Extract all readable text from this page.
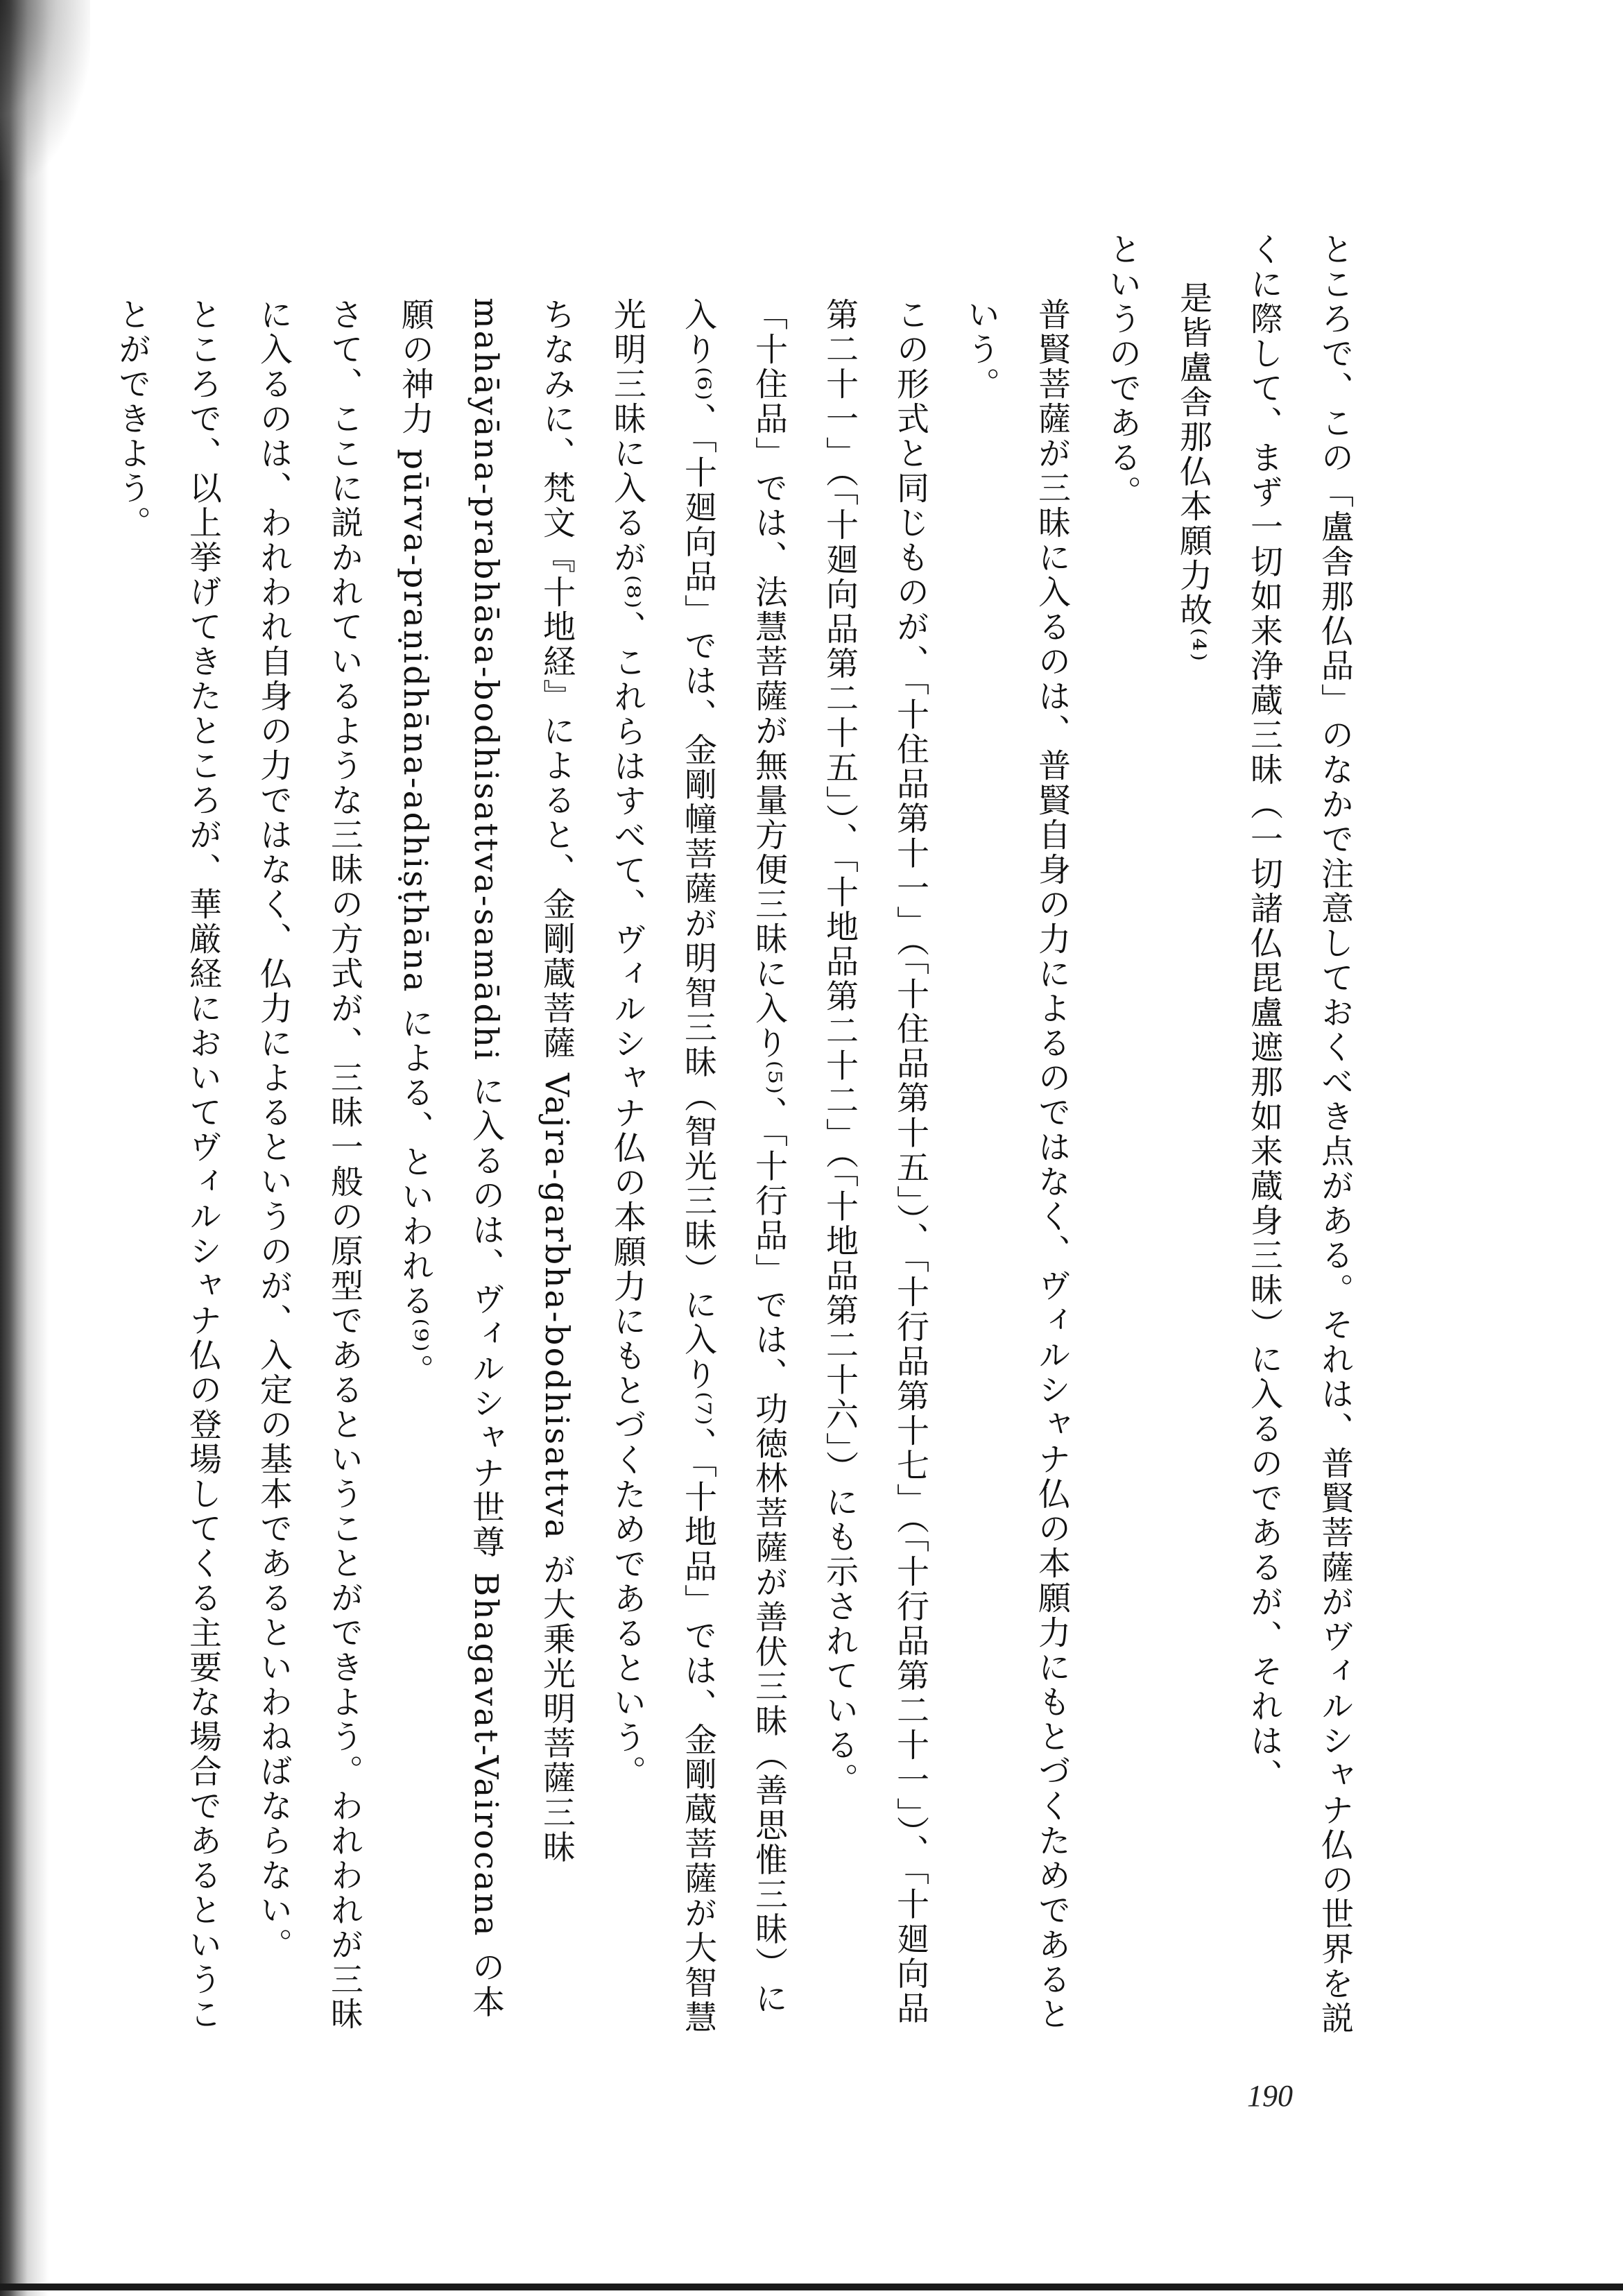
ところで、この「盧舎那仏品」のなかで注意しておくべき点がある。それは、普賢菩薩がヴィルシャナ仏の世界を説くに際して、まず一切如来浄蔵三昧（一切諸仏毘盧遮那如来蔵身三昧）に入るのであるが、それは、

是皆盧舎那仏本願力故⁽⁴⁾

というのである。

普賢菩薩が三昧に入るのは、普賢自身の力によるのではなく、ヴィルシャナ仏の本願力にもとづくためであるという。

この形式と同じものが、「十住品第十一」（「十住品第十五」）、「十行品第十七」（「十行品第二十一」）、「十廻向品第二十一」（「十廻向品第二十五」）、「十地品第二十二」（「十地品第二十六」）にも示されている。

「十住品」では、法慧菩薩が無量方便三昧に入り⁽⁵⁾、「十行品」では、功徳林菩薩が善伏三昧（善思惟三昧）に入り⁽⁶⁾、「十廻向品」では、金剛幢菩薩が明智三昧（智光三昧）に入り⁽⁷⁾、「十地品」では、金剛蔵菩薩が大智慧光明三昧に入るが⁽⁸⁾、これらはすべて、ヴィルシャナ仏の本願力にもとづくためであるという。

ちなみに、梵文『十地経』によると、金剛蔵菩薩 Vajra-garbha-bodhisattva が大乗光明菩薩三昧 mahāyāna-prabhāsa-bodhisattva-samādhi に入るのは、ヴィルシャナ世尊 Bhagavat-Vairocana の本願の神力 pūrva-praṇidhāna-adhiṣṭhāna による、といわれる⁽⁹⁾。

さて、ここに説かれているような三昧の方式が、三昧一般の原型であるということができよう。われわれが三昧に入るのは、われわれ自身の力ではなく、仏力によるというのが、入定の基本であるといわねばならない。

ところで、以上挙げてきたところが、華厳経においてヴィルシャナ仏の登場してくる主要な場合であるということができよう。

190
